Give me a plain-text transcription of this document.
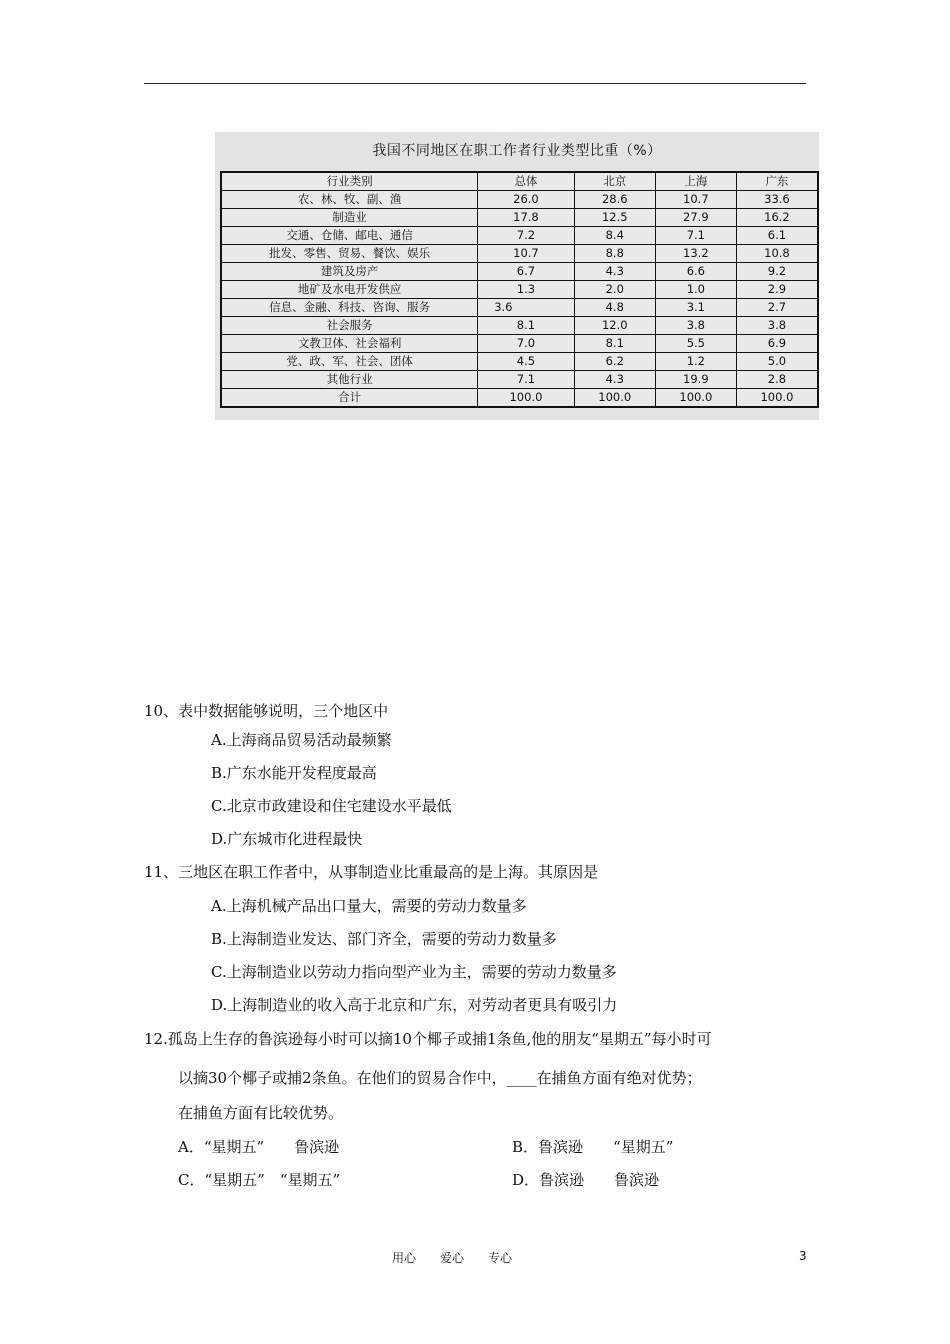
我国不同地区在职工作者行业类型比重（%）
行业类别	总体	北京	上海	广东
农、林、牧、副、渔	26.0	28.6	10.7	33.6
制造业	17.8	12.5	27.9	16.2
交通、仓储、邮电、通信	7.2	8.4	7.1	6.1
批发、零售、贸易、餐饮、娱乐	10.7	8.8	13.2	10.8
建筑及房产	6.7	4.3	6.6	9.2
地矿及水电开发供应	1.3	2.0	1.0	2.9
信息、金融、科技、咨询、服务	3.6	4.8	3.1	2.7
社会服务	8.1	12.0	3.8	3.8
文教卫体、社会福利	7.0	8.1	5.5	6.9
党、政、军、社会、团体	4.5	6.2	1.2	5.0
其他行业	7.1	4.3	19.9	2.8
合计	100.0	100.0	100.0	100.0
10、表中数据能够说明，三个地区中
A.上海商品贸易活动最频繁
B.广东水能开发程度最高
C.北京市政建设和住宅建设水平最低
D.广东城市化进程最快
11、三地区在职工作者中，从事制造业比重最高的是上海。其原因是
A.上海机械产品出口量大，需要的劳动力数量多
B.上海制造业发达、部门齐全，需要的劳动力数量多
C.上海制造业以劳动力指向型产业为主，需要的劳动力数量多
D.上海制造业的收入高于北京和广东，对劳动者更具有吸引力
12.孤岛上生存的鲁滨逊每小时可以摘10个椰子或捕1条鱼,他的朋友“星期五”每小时可
以摘30个椰子或捕2条鱼。在他们的贸易合作中，____在捕鱼方面有绝对优势；
在捕鱼方面有比较优势。
A．“星期五”　　鲁滨逊	B．鲁滨逊　　“星期五”
C．“星期五”　“星期五”	D．鲁滨逊　　鲁滨逊
用心　　爱心　　专心	3
